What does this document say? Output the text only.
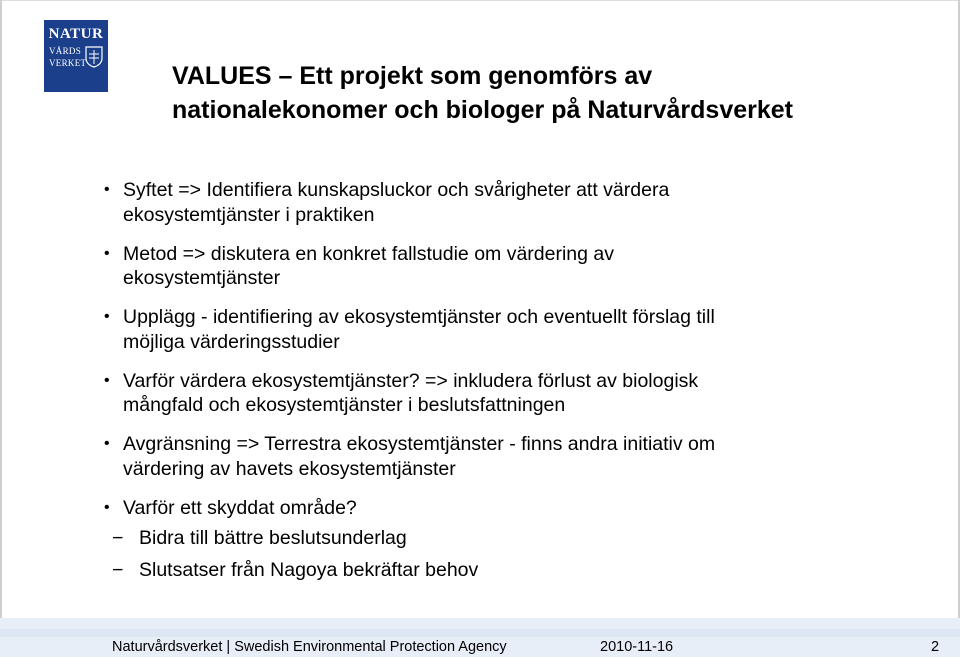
NATUR
VÅRDS
VERKET	VALUES – Ett projekt som genomförs av
nationalekonomer och biologer på Naturvårdsverket
• Syftet => Identifiera kunskapsluckor och svårigheter att värdera
ekosystemtjänster i praktiken
• Metod => diskutera en konkret fallstudie om värdering av
ekosystemtjänster
• Upplägg - identifiering av ekosystemtjänster och eventuellt förslag till
möjliga värderingsstudier
• Varför värdera ekosystemtjänster? => inkludera förlust av biologisk
mångfald och ekosystemtjänster i beslutsfattningen
• Avgränsning => Terrestra ekosystemtjänster - finns andra initiativ om
värdering av havets ekosystemtjänster
• Varför ett skyddat område?
− Bidra till bättre beslutsunderlag
− Slutsatser från Nagoya bekräftar behov
Naturvårdsverket | Swedish Environmental Protection Agency	2010-11-16	2
